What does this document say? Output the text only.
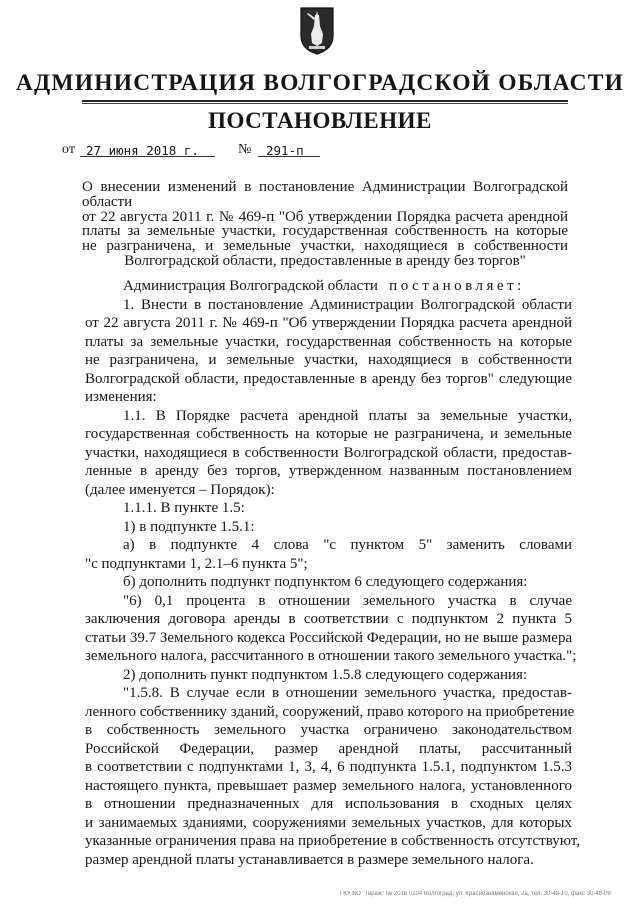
АДМИНИСТРАЦИЯ ВОЛГОГРАДСКОЙ ОБЛАСТИ
ПОСТАНОВЛЕНИЕ
от 27 июня 2018 г.	№ 291-п
О внесении изменений в постановление Администрации Волгоградской области
от 22 августа 2011 г. № 469-п "Об утверждении Порядка расчета арендной
платы за земельные участки, государственная собственность на которые
не разграничена, и земельные участки, находящиеся в собственности
Волгоградской области, предоставленные в аренду без торгов"
Администрация Волгоградской области постановляет:
1. Внести в постановление Администрации Волгоградской области
от 22 августа 2011 г. № 469-п "Об утверждении Порядка расчета арендной
платы за земельные участки, государственная собственность на которые
не разграничена, и земельные участки, находящиеся в собственности
Волгоградской области, предоставленные в аренду без торгов" следующие
изменения:
1.1. В Порядке расчета арендной платы за земельные участки,
государственная собственность на которые не разграничена, и земельные
участки, находящиеся в собственности Волгоградской области, предостав-
ленные в аренду без торгов, утвержденном названным постановлением
(далее именуется – Порядок):
1.1.1. В пункте 1.5:
1) в подпункте 1.5.1:
а) в подпункте 4 слова "с пунктом 5" заменить словами
"с подпунктами 1, 2.1–6 пункта 5";
б) дополнить подпункт подпунктом 6 следующего содержания:
"6) 0,1 процента в отношении земельного участка в случае
заключения договора аренды в соответствии с подпунктом 2 пункта 5
статьи 39.7 Земельного кодекса Российской Федерации, но не выше размера
земельного налога, рассчитанного в отношении такого земельного участка.";
2) дополнить пункт подпунктом 1.5.8 следующего содержания:
"1.5.8. В случае если в отношении земельного участка, предостав-
ленного собственнику зданий, сооружений, право которого на приобретение
в собственность земельного участка ограничено законодательством
Российской Федерации, размер арендной платы, рассчитанный
в соответствии с подпунктами 1, 3, 4, 6 подпункта 1.5.1, подпунктом 1.5.3
настоящего пункта, превышает размер земельного налога, установленного
в отношении предназначенных для использования в сходных целях
и занимаемых зданиями, сооружениями земельных участков, для которых
указанные ограничения права на приобретение в собственность отсутствуют,
размер арендной платы устанавливается в размере земельного налога.
ГКУ ВО "Тираж" № 2018 0104 Волгоград, ул. Краснознаменская, 2а, тел. 30-48-10, факс 30-48-09
